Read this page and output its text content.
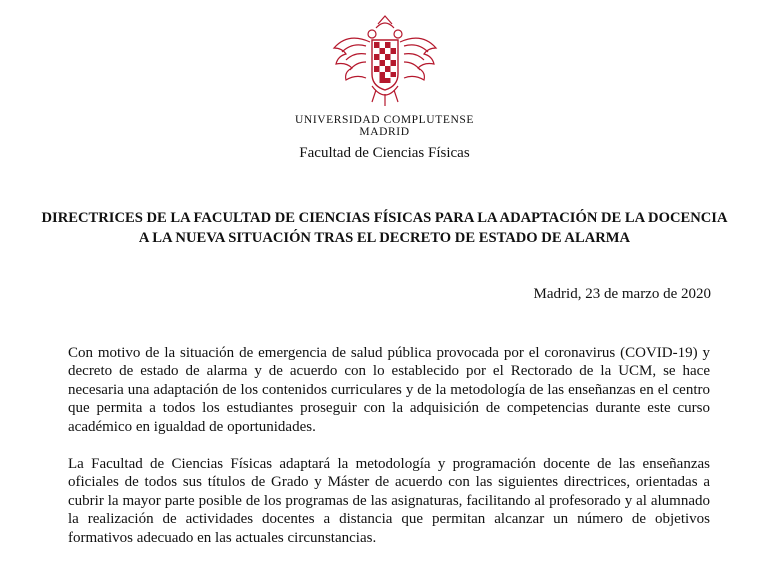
UNIVERSIDAD COMPLUTENSE
MADRID
Facultad de Ciencias Físicas
DIRECTRICES DE LA FACULTAD DE CIENCIAS FÍSICAS PARA LA ADAPTACIÓN DE LA DOCENCIA A LA NUEVA SITUACIÓN TRAS EL DECRETO DE ESTADO DE ALARMA
Madrid, 23 de marzo de 2020

Con motivo de la situación de emergencia de salud pública provocada por el coronavirus (COVID-19) y decreto de estado de alarma y de acuerdo con lo establecido por el Rectorado de la UCM, se hace necesaria una adaptación de los contenidos curriculares y de la metodología de las enseñanzas en el centro que permita a todos los estudiantes proseguir con la adquisición de competencias durante este curso académico en igualdad de oportunidades.

La Facultad de Ciencias Físicas adaptará la metodología y programación docente de las enseñanzas oficiales de todos sus títulos de Grado y Máster de acuerdo con las siguientes directrices, orientadas a cubrir la mayor parte posible de los programas de las asignaturas, facilitando al profesorado y al alumnado la realización de actividades docentes a distancia que permitan alcanzar un número de objetivos formativos adecuado en las actuales circunstancias.
